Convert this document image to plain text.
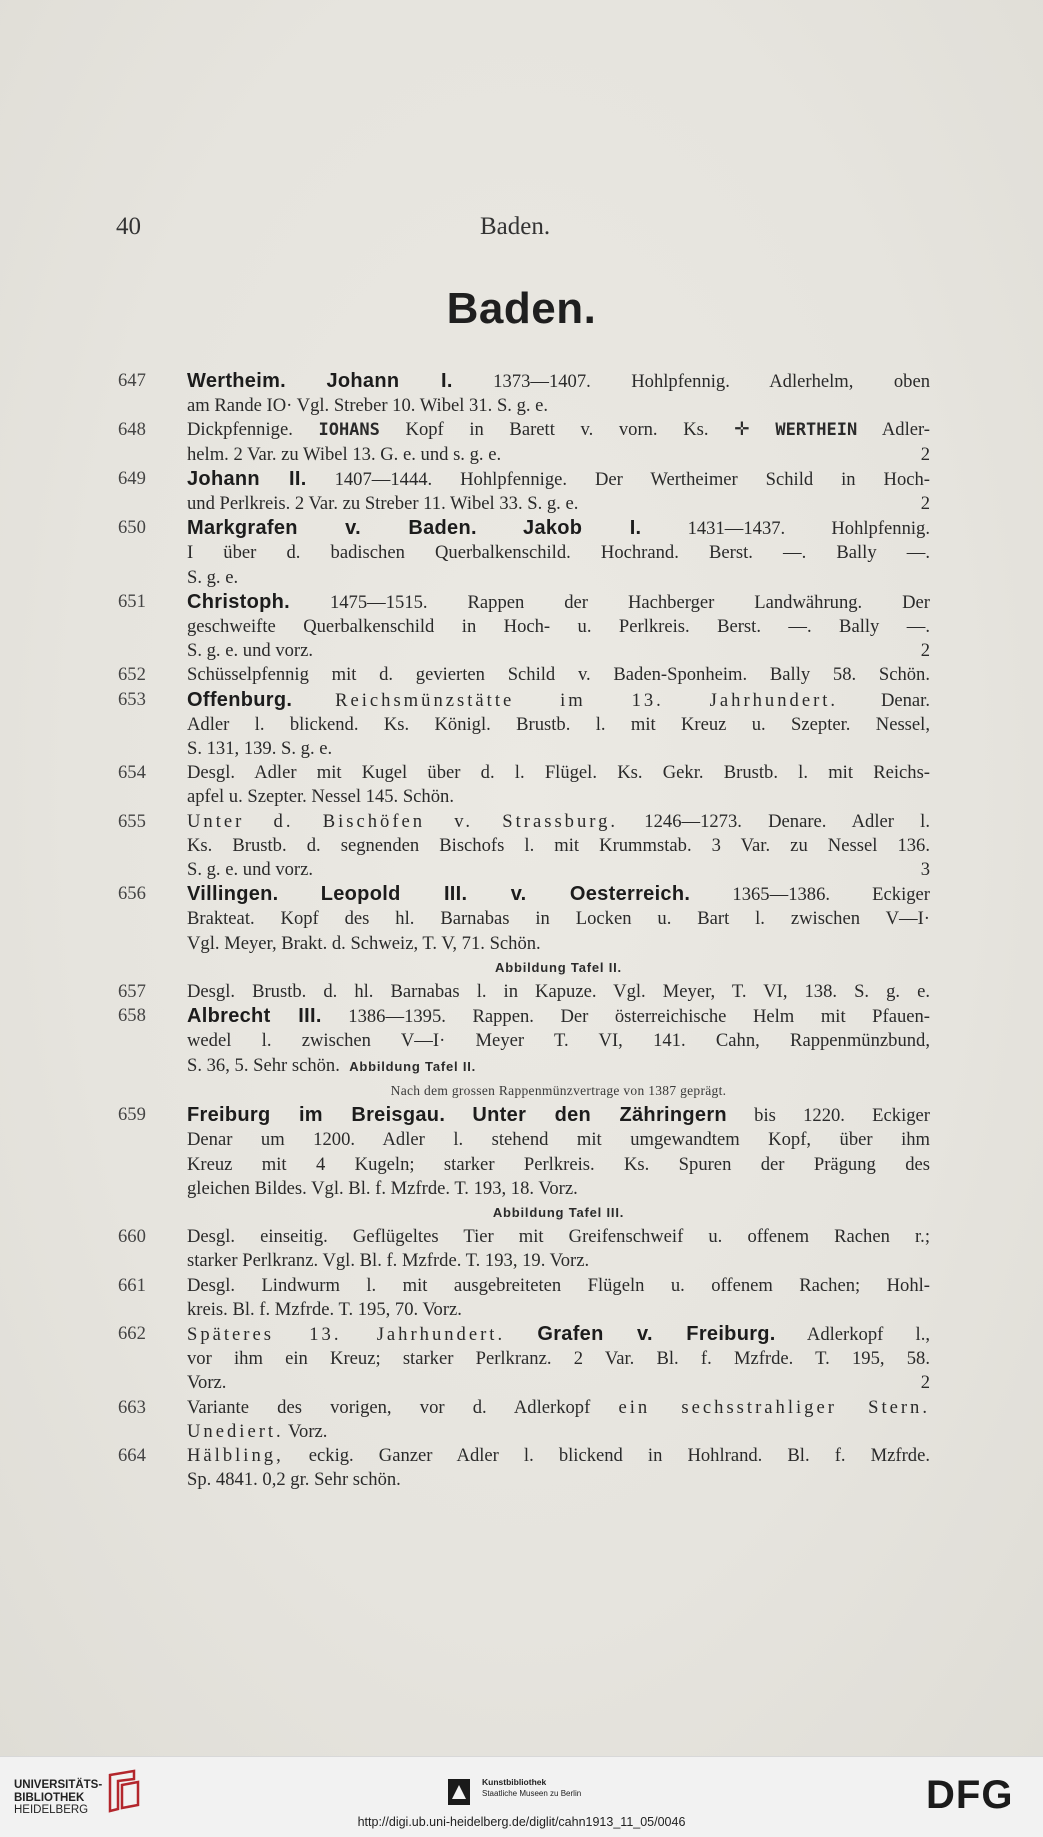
40	Baden.
Baden.
647	Wertheim. Johann I. 1373—1407. Hohlpfennig. Adlerhelm, oben
am Rande IO· Vgl. Streber 10. Wibel 31. S. g. e.
648	Dickpfennige. IOHANS Kopf in Barett v. vorn. Ks. ✛ WERTHEIN Adler-
helm. 2 Var. zu Wibel 13. G. e. und s. g. e.	2
649	Johann II. 1407—1444. Hohlpfennige. Der Wertheimer Schild in Hoch-
und Perlkreis. 2 Var. zu Streber 11. Wibel 33. S. g. e.	2
650	Markgrafen v. Baden. Jakob I. 1431—1437. Hohlpfennig.
I über d. badischen Querbalkenschild. Hochrand. Berst. —. Bally —.
S. g. e.
651	Christoph. 1475—1515. Rappen der Hachberger Landwährung. Der
geschweifte Querbalkenschild in Hoch- u. Perlkreis. Berst. —. Bally —.
S. g. e. und vorz.	2
652	Schüsselpfennig mit d. gevierten Schild v. Baden-Sponheim. Bally 58. Schön.
653	Offenburg. Reichsmünzstätte im 13. Jahrhundert. Denar.
Adler l. blickend. Ks. Königl. Brustb. l. mit Kreuz u. Szepter. Nessel,
S. 131, 139. S. g. e.
654	Desgl. Adler mit Kugel über d. l. Flügel. Ks. Gekr. Brustb. l. mit Reichs-
apfel u. Szepter. Nessel 145. Schön.
655	Unter d. Bischöfen v. Strassburg. 1246—1273. Denare. Adler l.
Ks. Brustb. d. segnenden Bischofs l. mit Krummstab. 3 Var. zu Nessel 136.
S. g. e. und vorz.	3
656	Villingen. Leopold III. v. Oesterreich. 1365—1386. Eckiger
Brakteat. Kopf des hl. Barnabas in Locken u. Bart l. zwischen V—I·
Vgl. Meyer, Brakt. d. Schweiz, T. V, 71. Schön.
Abbildung Tafel II.
657	Desgl. Brustb. d. hl. Barnabas l. in Kapuze. Vgl. Meyer, T. VI, 138. S. g. e.
658	Albrecht III. 1386—1395. Rappen. Der österreichische Helm mit Pfauen-
wedel l. zwischen V—I· Meyer T. VI, 141. Cahn, Rappenmünzbund,
S. 36, 5. Sehr schön. Abbildung Tafel II.
Nach dem grossen Rappenmünzvertrage von 1387 geprägt.
659	Freiburg im Breisgau. Unter den Zähringern bis 1220. Eckiger
Denar um 1200. Adler l. stehend mit umgewandtem Kopf, über ihm
Kreuz mit 4 Kugeln; starker Perlkreis. Ks. Spuren der Prägung des
gleichen Bildes. Vgl. Bl. f. Mzfrde. T. 193, 18. Vorz.
Abbildung Tafel III.
660	Desgl. einseitig. Geflügeltes Tier mit Greifenschweif u. offenem Rachen r.;
starker Perlkranz. Vgl. Bl. f. Mzfrde. T. 193, 19. Vorz.
661	Desgl. Lindwurm l. mit ausgebreiteten Flügeln u. offenem Rachen; Hohl-
kreis. Bl. f. Mzfrde. T. 195, 70. Vorz.
662	Späteres 13. Jahrhundert. Grafen v. Freiburg. Adlerkopf l.,
vor ihm ein Kreuz; starker Perlkranz. 2 Var. Bl. f. Mzfrde. T. 195, 58.
Vorz.	2
663	Variante des vorigen, vor d. Adlerkopf ein sechsstrahliger Stern.
Unediert. Vorz.
664	Hälbling, eckig. Ganzer Adler l. blickend in Hohlrand. Bl. f. Mzfrde.
Sp. 4841. 0,2 gr. Sehr schön.
UNIVERSITÄTS-
BIBLIOTHEK
HEIDELBERG
Kunstbibliothek
Staatliche Museen zu Berlin	DFG
http://digi.ub.uni-heidelberg.de/diglit/cahn1913_11_05/0046
